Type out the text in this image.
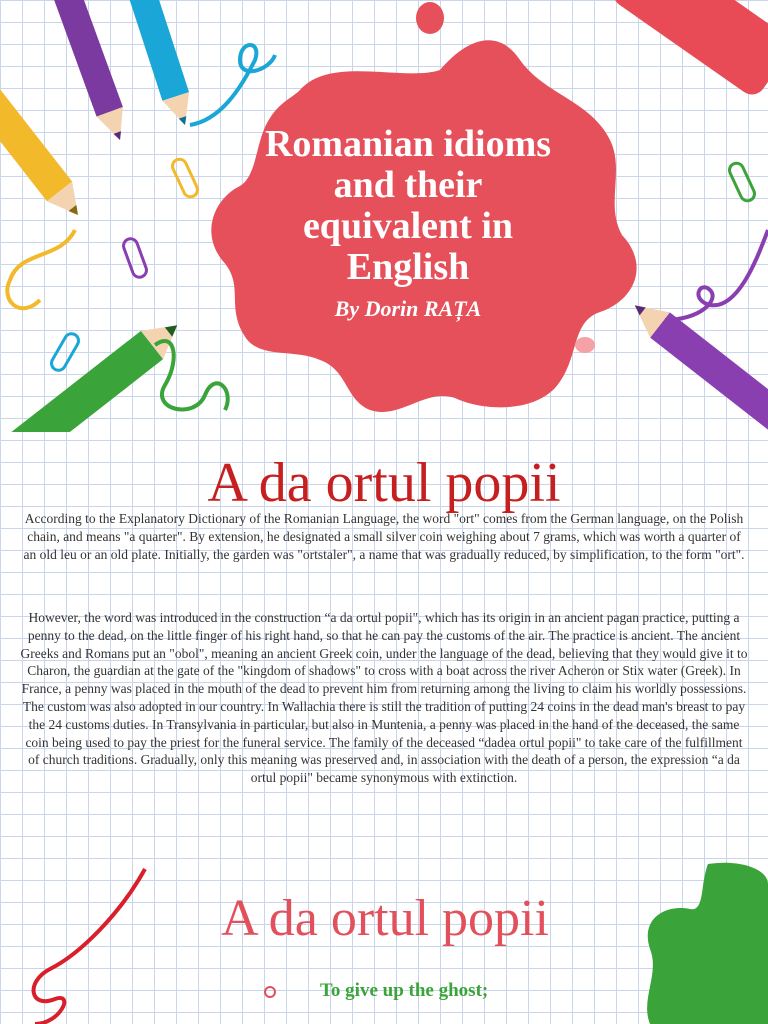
Romanian idioms and their equivalent in English
By Dorin RAȚA
A da ortul popii
According to the Explanatory Dictionary of the Romanian Language, the word "ort" comes from the German language, on the Polish chain, and means "a quarter". By extension, he designated a small silver coin weighing about 7 grams, which was worth a quarter of an old leu or an old plate. Initially, the garden was "ortstaler", a name that was gradually reduced, by simplification, to the form "ort".
However, the word was introduced in the construction “a da ortul popii", which has its origin in an ancient pagan practice, putting a penny to the dead, on the little finger of his right hand, so that he can pay the customs of the air. The practice is ancient. The ancient Greeks and Romans put an "obol", meaning an ancient Greek coin, under the language of the dead, believing that they would give it to Charon, the guardian at the gate of the "kingdom of shadows" to cross with a boat across the river Acheron or Stix water (Greek). In France, a penny was placed in the mouth of the dead to prevent him from returning among the living to claim his worldly possessions. The custom was also adopted in our country. In Wallachia there is still the tradition of putting 24 coins in the dead man's breast to pay the 24 customs duties. In Transylvania in particular, but also in Muntenia, a penny was placed in the hand of the deceased, the same coin being used to pay the priest for the funeral service. The family of the deceased “dadea ortul popii" to take care of the fulfillment of church traditions. Gradually, only this meaning was preserved and, in association with the death of a person, the expression “a da ortul popii" became synonymous with extinction.
A da ortul popii
To give up the ghost;
